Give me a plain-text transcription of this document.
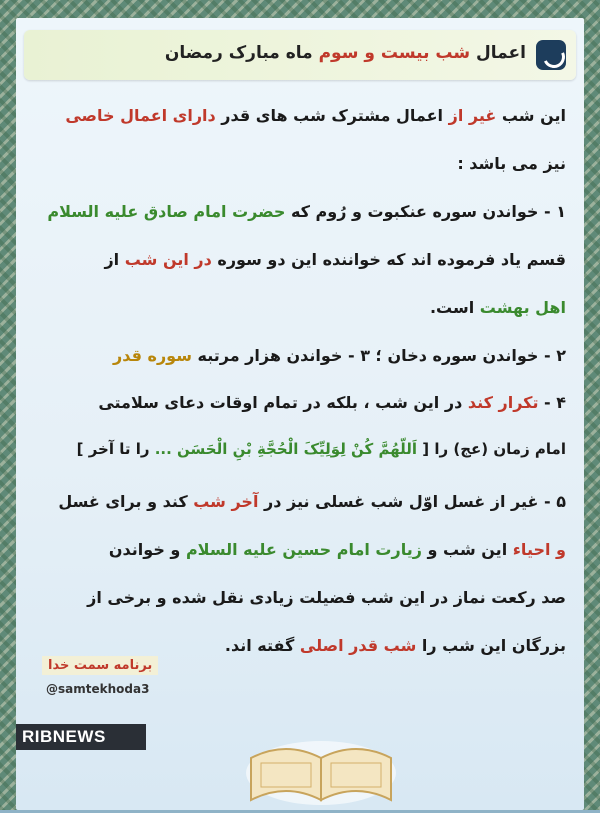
اعمال شب بیست و سوم ماه مبارک رمضان
این شب غیر از اعمال مشترک شب های قدر دارای اعمال خاصی
نیز می باشد :
۱ - خواندن سوره عنکبوت و رُوم که حضرت امام صادق علیه السلام
قسم یاد فرموده اند که خواننده این دو سوره در این شب از
اهل بهشت است.
۲ - خواندن سوره دخان ؛ ۳ - خواندن هزار مرتبه سوره قدر
۴ - تکرار کند در این شب ، بلکه در تمام اوقات دعای سلامتی
امام زمان (عج) را [ اَللّهُمَّ کُنْ لِوَلِیِّکَ الْحُجَّةِ بْنِ الْحَسَن ... را تا آخر ]
۵ - غیر از غسل اوّل شب غسلی نیز در آخر شب کند و برای غسل
و احیاء این شب و زیارت امام حسین علیه السلام و خواندن
صد رکعت نماز در این شب فضیلت زیادی نقل شده و برخی از
بزرگان این شب را شب قدر اصلی گفته اند.
برنامه سمت خدا
@samtekhoda3
RIBNEWS
